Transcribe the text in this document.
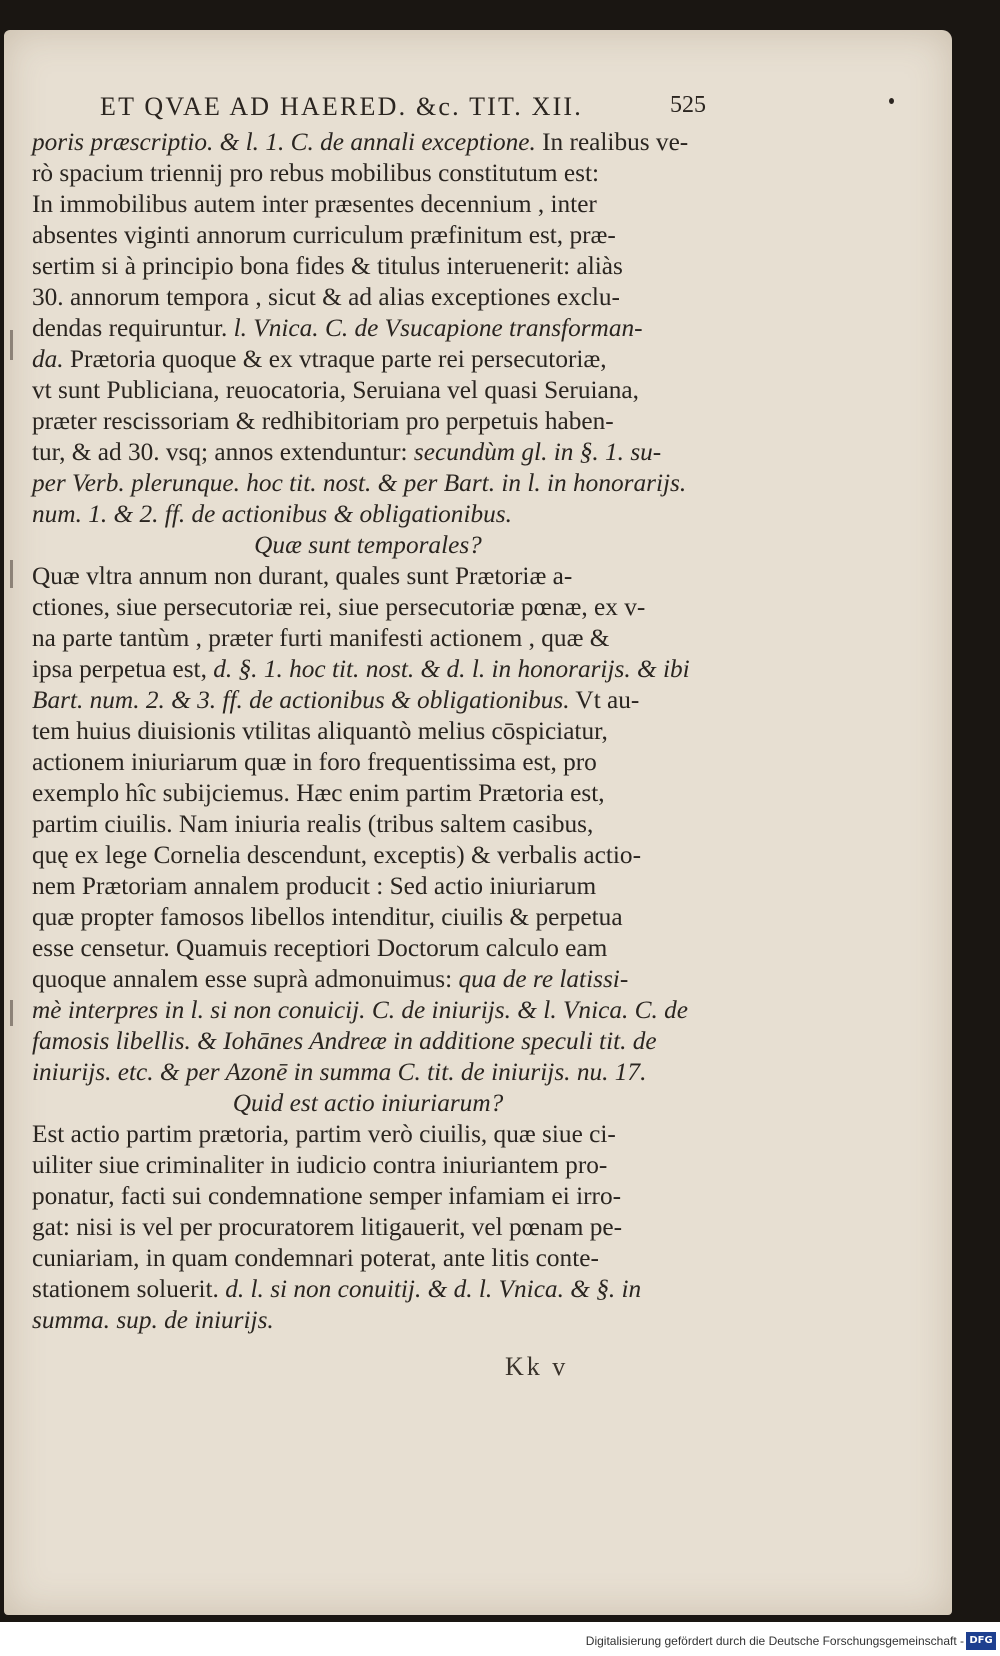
ET QVAE AD HAERED. &c. TIT. XII.	525
poris præscriptio. & l. 1. C. de annali exceptione. In realibus ve-
rò spacium triennij pro rebus mobilibus constitutum est:
In immobilibus autem inter præsentes decennium , inter
absentes viginti annorum curriculum præfinitum est, præ-
sertim si à principio bona fides & titulus interuenerit: aliàs
30. annorum tempora , sicut & ad alias exceptiones exclu-
dendas requiruntur. l. Vnica. C. de Vsucapione transforman-
da. Prætoria quoque & ex vtraque parte rei persecutoriæ,
vt sunt Publiciana, reuocatoria, Seruiana vel quasi Seruiana,
præter rescissoriam & redhibitoriam pro perpetuis haben-
tur, & ad 30. vsq; annos extenduntur: secundùm gl. in §. 1. su-
per Verb. plerunque. hoc tit. nost. & per Bart. in l. in honorarijs.
num. 1. & 2. ff. de actionibus & obligationibus.
Quæ sunt temporales?
Quæ vltra annum non durant, quales sunt Prætoriæ a-
ctiones, siue persecutoriæ rei, siue persecutoriæ pœnæ, ex v-
na parte tantùm , præter furti manifesti actionem , quæ &
ipsa perpetua est, d. §. 1. hoc tit. nost. & d. l. in honorarijs. & ibi
Bart. num. 2. & 3. ff. de actionibus & obligationibus. Vt au-
tem huius diuisionis vtilitas aliquantò melius cōspiciatur,
actionem iniuriarum quæ in foro frequentissima est, pro
exemplo hîc subijciemus. Hæc enim partim Prætoria est,
partim ciuilis. Nam iniuria realis (tribus saltem casibus,
quę ex lege Cornelia descendunt, exceptis) & verbalis actio-
nem Prætoriam annalem producit : Sed actio iniuriarum
quæ propter famosos libellos intenditur, ciuilis & perpetua
esse censetur. Quamuis receptiori Doctorum calculo eam
quoque annalem esse suprà admonuimus: qua de re latissi-
mè interpres in l. si non conuicij. C. de iniurijs. & l. Vnica. C. de
famosis libellis. & Iohānes Andreæ in additione speculi tit. de
iniurijs. etc. & per Azonē in summa C. tit. de iniurijs. nu. 17.
Quid est actio iniuriarum?
Est actio partim prætoria, partim verò ciuilis, quæ siue ci-
uiliter siue criminaliter in iudicio contra iniuriantem pro-
ponatur, facti sui condemnatione semper infamiam ei irro-
gat: nisi is vel per procuratorem litigauerit, vel pœnam pe-
cuniariam, in quam condemnari poterat, ante litis conte-
stationem soluerit. d. l. si non conuitij. & d. l. Vnica. & §. in
summa. sup. de iniurijs.
Kk v
Digitalisierung gefördert durch die Deutsche Forschungsgemeinschaft - DFG
